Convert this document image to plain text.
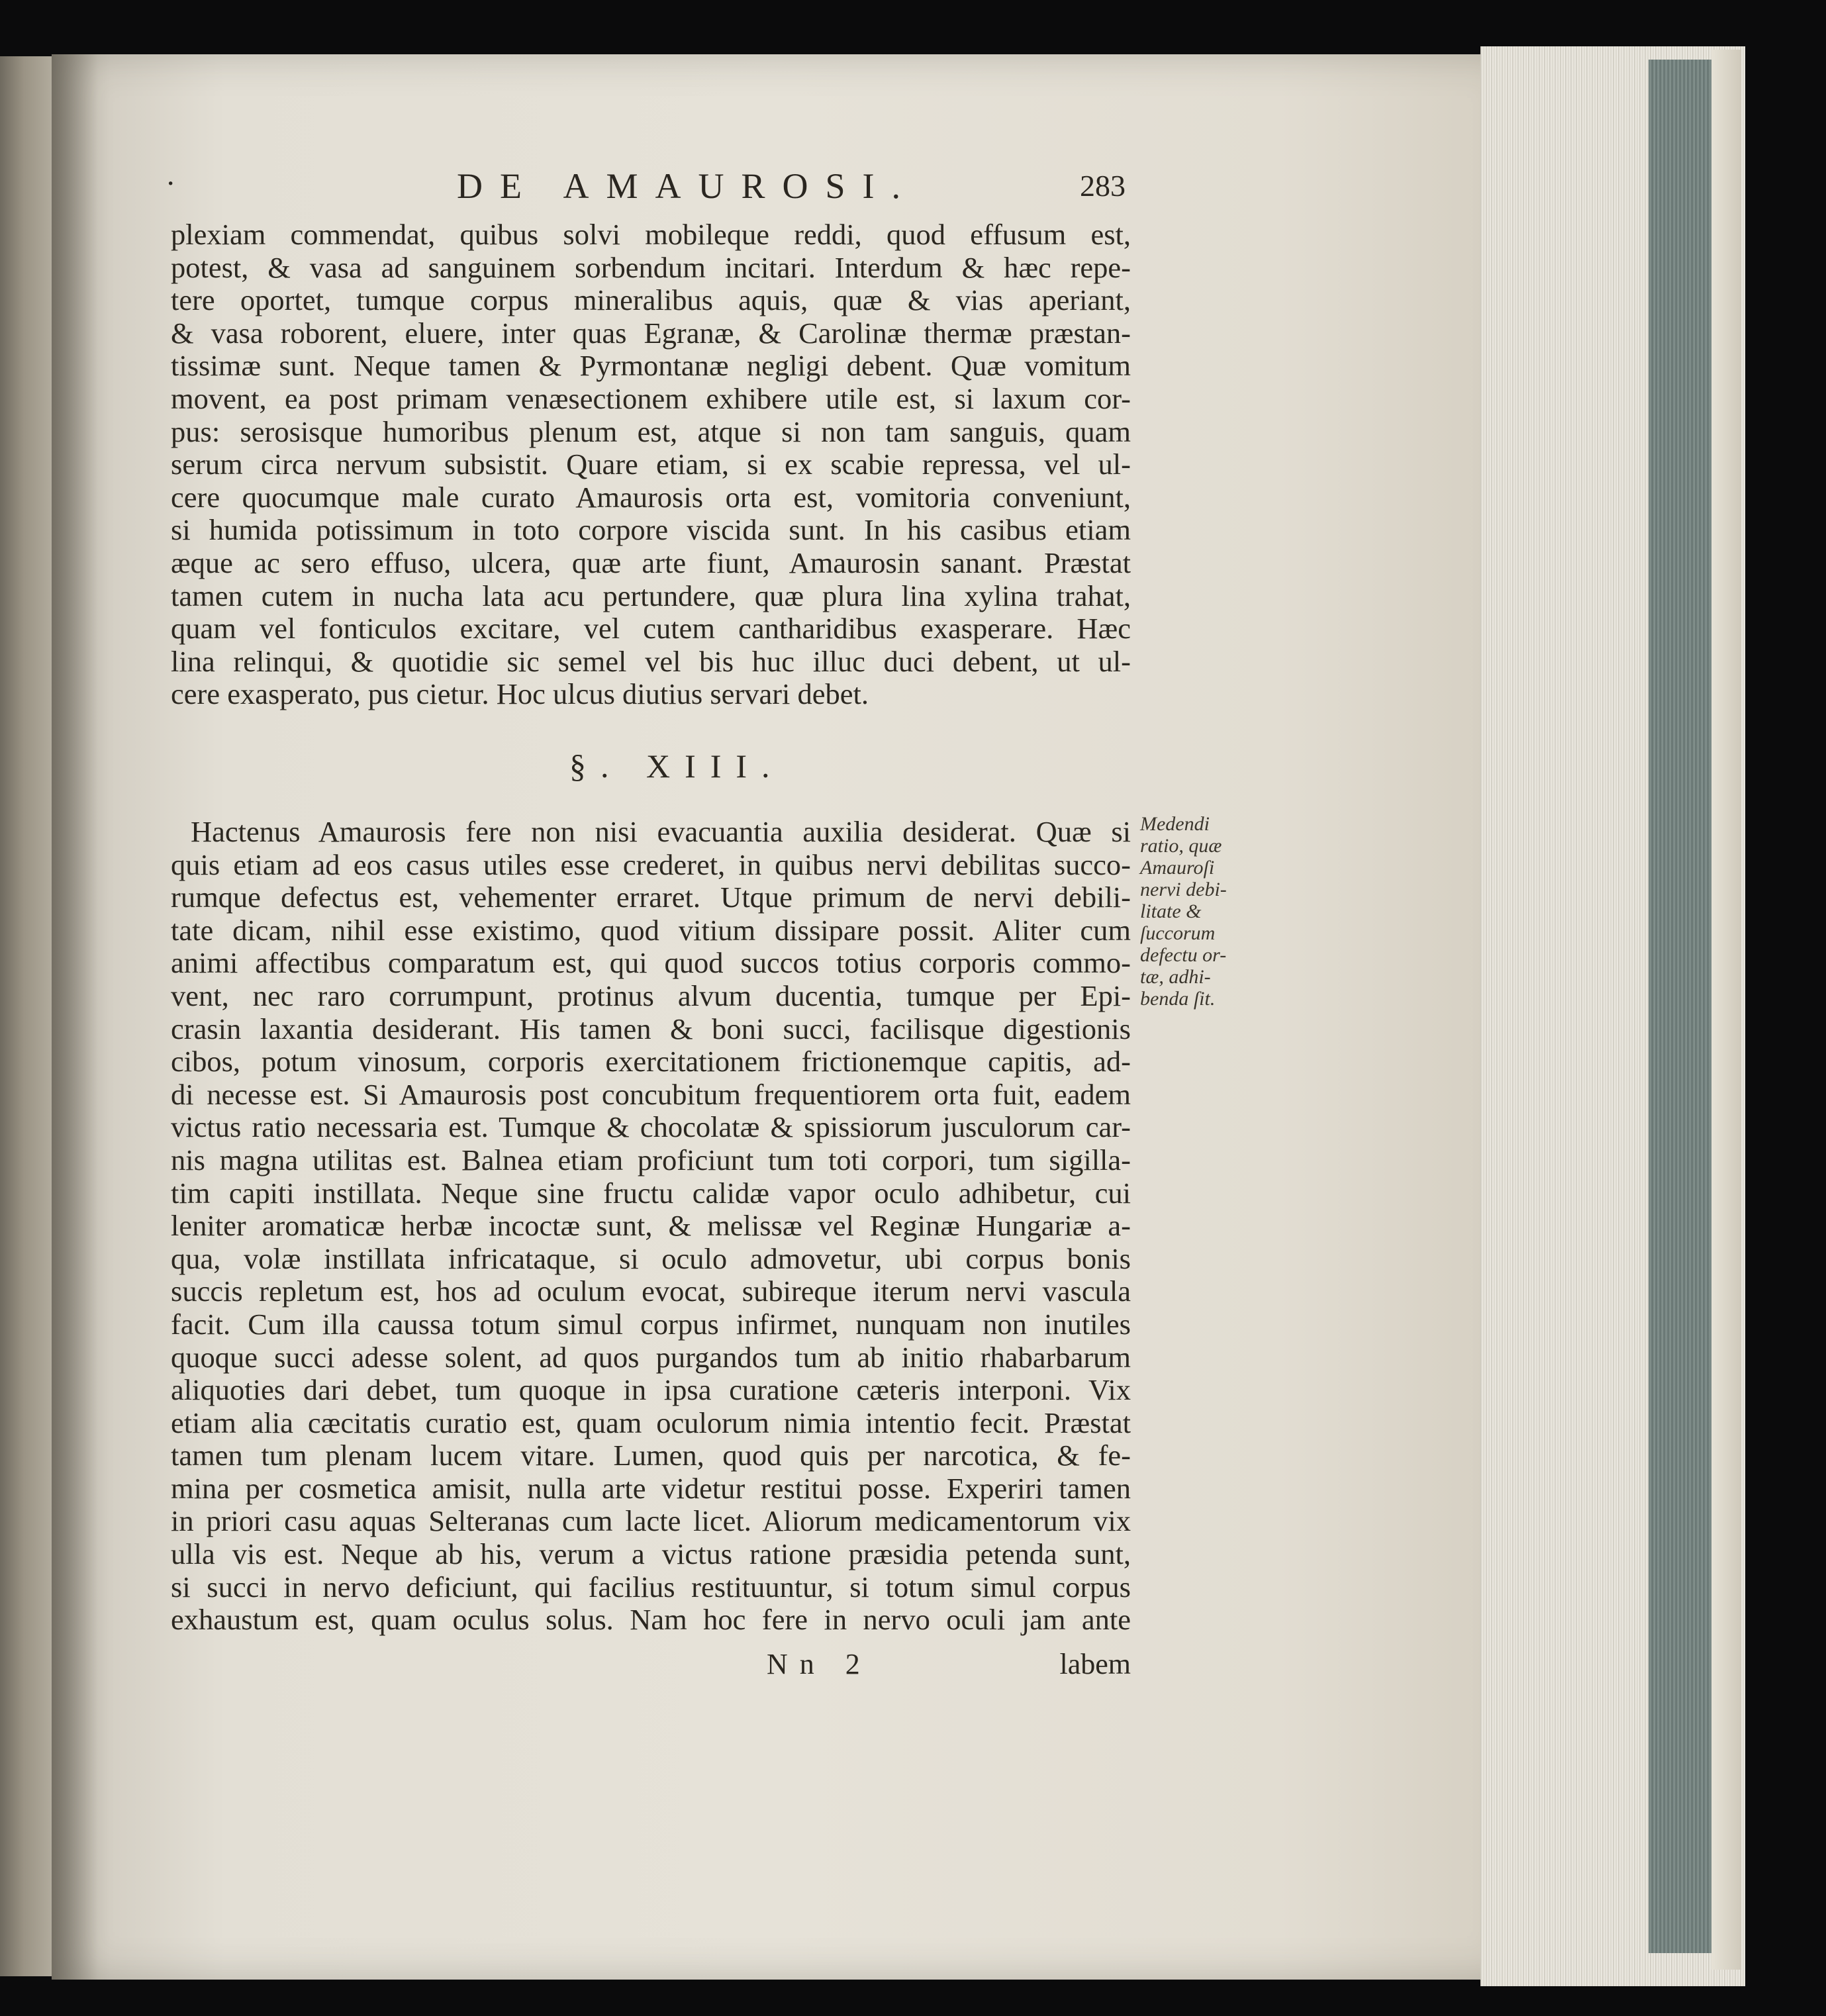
·	DE AMAUROSI.	283
plexiam commendat, quibus solvi mobileque reddi, quod effusum est,
potest, & vasa ad sanguinem sorbendum incitari. Interdum & hæc repe-
tere oportet, tumque corpus mineralibus aquis, quæ & vias aperiant,
& vasa roborent, eluere, inter quas Egranæ, & Carolinæ thermæ præstan-
tissimæ sunt. Neque tamen & Pyrmontanæ negligi debent. Quæ vomitum
movent, ea post primam venæsectionem exhibere utile est, si laxum cor-
pus: serosisque humoribus plenum est, atque si non tam sanguis, quam
serum circa nervum subsistit. Quare etiam, si ex scabie repressa, vel ul-
cere quocumque male curato Amaurosis orta est, vomitoria conveniunt,
si humida potissimum in toto corpore viscida sunt. In his casibus etiam
æque ac sero effuso, ulcera, quæ arte fiunt, Amaurosin sanant. Præstat
tamen cutem in nucha lata acu pertundere, quæ plura lina xylina trahat,
quam vel fonticulos excitare, vel cutem cantharidibus exasperare. Hæc
lina relinqui, & quotidie sic semel vel bis huc illuc duci debent, ut ul-
cere exasperato, pus cietur. Hoc ulcus diutius servari debet.
§. XIII.
Hactenus Amaurosis fere non nisi evacuantia auxilia desiderat. Quæ si
quis etiam ad eos casus utiles esse crederet, in quibus nervi debilitas succo-
rumque defectus est, vehementer erraret. Utque primum de nervi debili-
tate dicam, nihil esse existimo, quod vitium dissipare possit. Aliter cum
animi affectibus comparatum est, qui quod succos totius corporis commo-
vent, nec raro corrumpunt, protinus alvum ducentia, tumque per Epi-
crasin laxantia desiderant. His tamen & boni succi, facilisque digestionis
cibos, potum vinosum, corporis exercitationem frictionemque capitis, ad-
di necesse est. Si Amaurosis post concubitum frequentiorem orta fuit, eadem
victus ratio necessaria est. Tumque & chocolatæ & spissiorum jusculorum car-
nis magna utilitas est. Balnea etiam proficiunt tum toti corpori, tum sigilla-
tim capiti instillata. Neque sine fructu calidæ vapor oculo adhibetur, cui
leniter aromaticæ herbæ incoctæ sunt, & melissæ vel Reginæ Hungariæ a-
qua, volæ instillata infricataque, si oculo admovetur, ubi corpus bonis
succis repletum est, hos ad oculum evocat, subireque iterum nervi vascula
facit. Cum illa caussa totum simul corpus infirmet, nunquam non inutiles
quoque succi adesse solent, ad quos purgandos tum ab initio rhabarbarum
aliquoties dari debet, tum quoque in ipsa curatione cæteris interponi. Vix
etiam alia cæcitatis curatio est, quam oculorum nimia intentio fecit. Præstat
tamen tum plenam lucem vitare. Lumen, quod quis per narcotica, & fe-
mina per cosmetica amisit, nulla arte videtur restitui posse. Experiri tamen
in priori casu aquas Selteranas cum lacte licet. Aliorum medicamentorum vix
ulla vis est. Neque ab his, verum a victus ratione præsidia petenda sunt,
si succi in nervo deficiunt, qui facilius restituuntur, si totum simul corpus
exhaustum est, quam oculus solus. Nam hoc fere in nervo oculi jam ante
Medendi
ratio, quæ
Amauroſi
nervi debi-
litate &
ſuccorum
defectu or-
tæ, adhi-
benda ſit.
Nn 2	labem
